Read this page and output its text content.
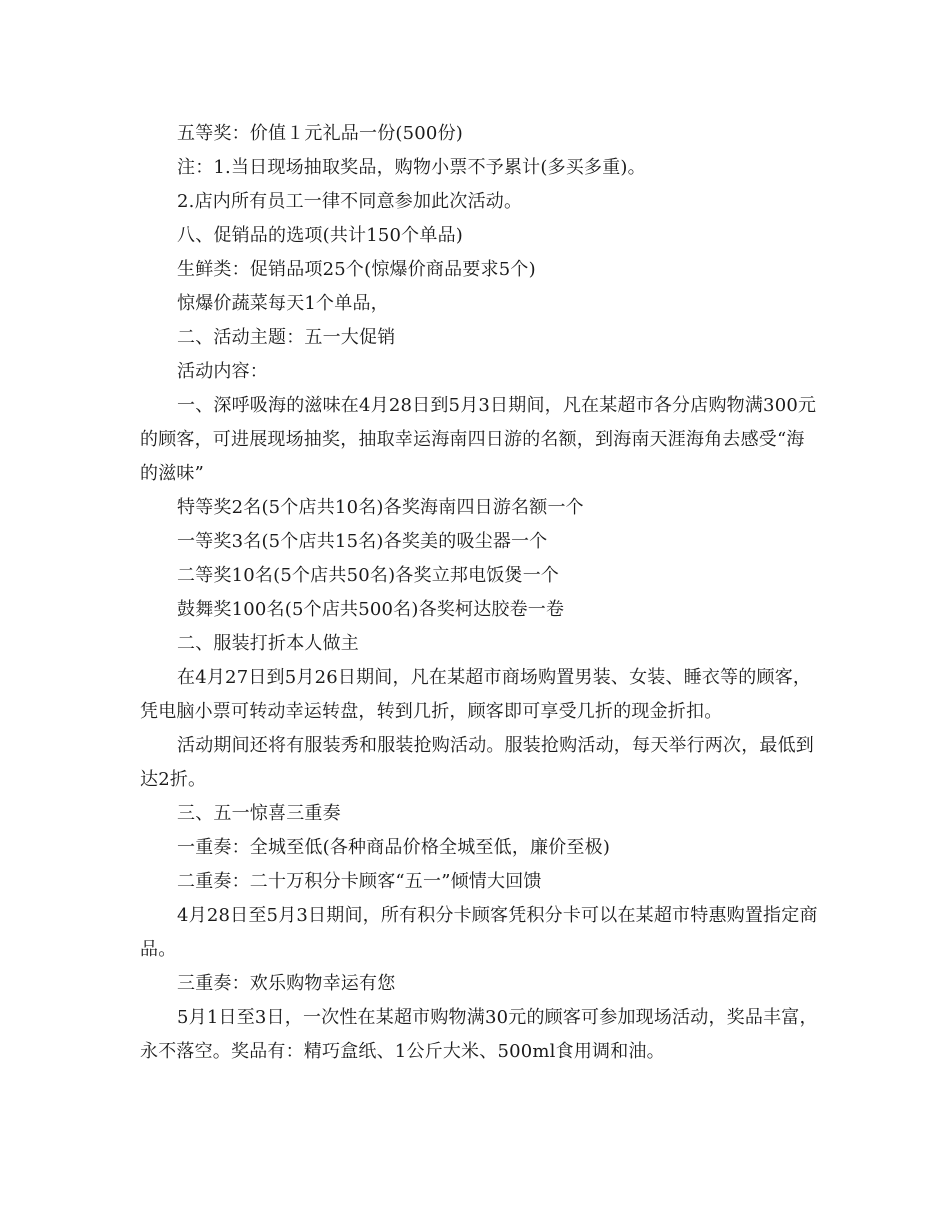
五等奖：价值１元礼品一份(500份)

注：1.当日现场抽取奖品，购物小票不予累计(多买多重)。

2.店内所有员工一律不同意参加此次活动。

八、促销品的选项(共计150个单品)

生鲜类：促销品项25个(惊爆价商品要求5个)

惊爆价蔬菜每天1个单品，

二、活动主题：五一大促销

活动内容：

一、深呼吸海的滋味在4月28日到5月3日期间，凡在某超市各分店购物满300元的顾客，可进展现场抽奖，抽取幸运海南四日游的名额，到海南天涯海角去感受“海的滋味”

特等奖2名(5个店共10名)各奖海南四日游名额一个

一等奖3名(5个店共15名)各奖美的吸尘器一个

二等奖10名(5个店共50名)各奖立邦电饭煲一个

鼓舞奖100名(5个店共500名)各奖柯达胶卷一卷

二、服装打折本人做主

在4月27日到5月26日期间，凡在某超市商场购置男装、女装、睡衣等的顾客，凭电脑小票可转动幸运转盘，转到几折，顾客即可享受几折的现金折扣。

活动期间还将有服装秀和服装抢购活动。服装抢购活动，每天举行两次，最低到达2折。

三、五一惊喜三重奏

一重奏：全城至低(各种商品价格全城至低，廉价至极)

二重奏：二十万积分卡顾客“五一”倾情大回馈

4月28日至5月3日期间，所有积分卡顾客凭积分卡可以在某超市特惠购置指定商品。

三重奏：欢乐购物幸运有您

5月1日至3日，一次性在某超市购物满30元的顾客可参加现场活动，奖品丰富，永不落空。奖品有：精巧盒纸、1公斤大米、500ml食用调和油。
